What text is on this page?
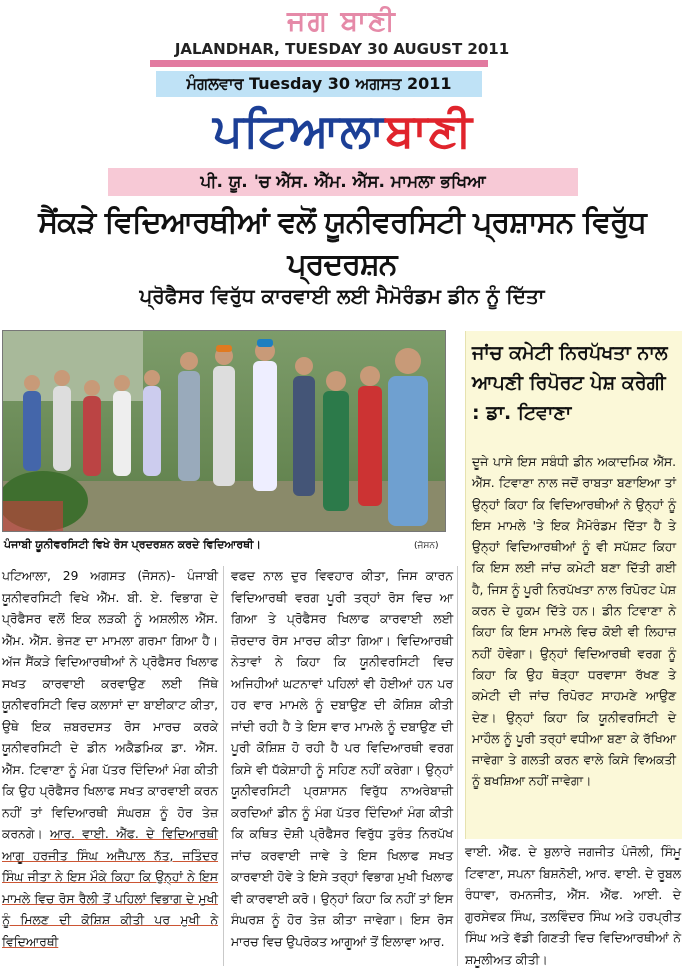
ਜਗ ਬਾਣੀ
JALANDHAR, TUESDAY 30 AUGUST 2011
ਮੰਗਲਵਾਰ Tuesday 30 ਅਗਸਤ 2011
ਪਟਿਆਲਾਬਾਣੀ
ਪੀ. ਯੂ. 'ਚ ਐੱਸ. ਐੱਮ. ਐੱਸ. ਮਾਮਲਾ ਭਖਿਆ
ਸੈਂਕੜੇ ਵਿਦਿਆਰਥੀਆਂ ਵਲੋਂ ਯੂਨੀਵਰਸਿਟੀ ਪ੍ਰਸ਼ਾਸਨ ਵਿਰੁੱਧ ਪ੍ਰਦਰਸ਼ਨ
ਪ੍ਰੋਫੈਸਰ ਵਿਰੁੱਧ ਕਾਰਵਾਈ ਲਈ ਮੈਮੋਰੰਡਮ ਡੀਨ ਨੂੰ ਦਿੱਤਾ
ਪੰਜਾਬੀ ਯੂਨੀਵਰਸਿਟੀ ਵਿਖੇ ਰੋਸ ਪ੍ਰਦਰਸ਼ਨ ਕਰਦੇ ਵਿਦਿਆਰਥੀ।	(ਜੋਸਨ)
ਜਾਂਚ ਕਮੇਟੀ ਨਿਰਪੱਖਤਾ ਨਾਲ ਆਪਣੀ ਰਿਪੋਰਟ ਪੇਸ਼ ਕਰੇਗੀ : ਡਾ. ਟਿਵਾਣਾ
ਪਟਿਆਲਾ, 29 ਅਗਸਤ (ਜੋਸਨ)- ਪੰਜਾਬੀ ਯੂਨੀਵਰਸਿਟੀ ਵਿਖੇ ਐੱਮ. ਬੀ. ਏ. ਵਿਭਾਗ ਦੇ ਪ੍ਰੋਫੈਸਰ ਵਲੋਂ ਇਕ ਲੜਕੀ ਨੂੰ ਅਸ਼ਲੀਲ ਐੱਸ. ਐੱਮ. ਐੱਸ. ਭੇਜਣ ਦਾ ਮਾਮਲਾ ਗਰਮਾ ਗਿਆ ਹੈ। ਅੱਜ ਸੈਂਕੜੇ ਵਿਦਿਆਰਥੀਆਂ ਨੇ ਪ੍ਰੋਫੈਸਰ ਖਿਲਾਫ ਸਖਤ ਕਾਰਵਾਈ ਕਰਵਾਉਣ ਲਈ ਜਿੱਥੇ ਯੂਨੀਵਰਸਿਟੀ ਵਿਚ ਕਲਾਸਾਂ ਦਾ ਬਾਈਕਾਟ ਕੀਤਾ, ਉਥੇ ਇਕ ਜ਼ਬਰਦਸਤ ਰੋਸ ਮਾਰਚ ਕਰਕੇ ਯੂਨੀਵਰਸਿਟੀ ਦੇ ਡੀਨ ਅਕੈਡਮਿਕ ਡਾ. ਐੱਸ. ਐੱਸ. ਟਿਵਾਣਾ ਨੂੰ ਮੰਗ ਪੱਤਰ ਦਿੰਦਿਆਂ ਮੰਗ ਕੀਤੀ ਕਿ ਉਹ ਪ੍ਰੋਫੈਸਰ ਖਿਲਾਫ ਸਖਤ ਕਾਰਵਾਈ ਕਰਨ ਨਹੀਂ ਤਾਂ ਵਿਦਿਆਰਥੀ ਸੰਘਰਸ਼ ਨੂੰ ਹੋਰ ਤੇਜ਼ ਕਰਨਗੇ। ਆਰ. ਵਾਈ. ਐੱਫ. ਦੇ ਵਿਦਿਆਰਥੀ ਆਗੂ ਹਰਜੀਤ ਸਿੰਘ ਅਜੈਪਾਲ ਨੱਤ, ਜਤਿੰਦਰ ਸਿੰਘ ਜੀਤਾ ਨੇ ਇਸ ਮੌਕੇ ਕਿਹਾ ਕਿ ਉਨ੍ਹਾਂ ਨੇ ਇਸ ਮਾਮਲੇ ਵਿਚ ਰੋਸ ਰੈਲੀ ਤੋਂ ਪਹਿਲਾਂ ਵਿਭਾਗ ਦੇ ਮੁਖੀ ਨੂੰ ਮਿਲਣ ਦੀ ਕੋਸ਼ਿਸ਼ ਕੀਤੀ ਪਰ ਮੁਖੀ ਨੇ ਵਿਦਿਆਰਥੀ
ਵਫਦ ਨਾਲ ਦੁਰ ਵਿਵਹਾਰ ਕੀਤਾ, ਜਿਸ ਕਾਰਨ ਵਿਦਿਆਰਥੀ ਵਰਗ ਪੂਰੀ ਤਰ੍ਹਾਂ ਰੋਸ ਵਿਚ ਆ ਗਿਆ ਤੇ ਪ੍ਰੋਫੈਸਰ ਖਿਲਾਫ ਕਾਰਵਾਈ ਲਈ ਜ਼ੋਰਦਾਰ ਰੋਸ ਮਾਰਚ ਕੀਤਾ ਗਿਆ। ਵਿਦਿਆਰਥੀ ਨੇਤਾਵਾਂ ਨੇ ਕਿਹਾ ਕਿ ਯੂਨੀਵਰਸਿਟੀ ਵਿਚ ਅਜਿਹੀਆਂ ਘਟਨਾਵਾਂ ਪਹਿਲਾਂ ਵੀ ਹੋਈਆਂ ਹਨ ਪਰ ਹਰ ਵਾਰ ਮਾਮਲੇ ਨੂੰ ਦਬਾਉਣ ਦੀ ਕੋਸ਼ਿਸ਼ ਕੀਤੀ ਜਾਂਦੀ ਰਹੀ ਹੈ ਤੇ ਇਸ ਵਾਰ ਮਾਮਲੇ ਨੂੰ ਦਬਾਉਣ ਦੀ ਪੂਰੀ ਕੋਸ਼ਿਸ਼ ਹੋ ਰਹੀ ਹੈ ਪਰ ਵਿਦਿਆਰਥੀ ਵਰਗ ਕਿਸੇ ਵੀ ਧੱਕੇਸ਼ਾਹੀ ਨੂੰ ਸਹਿਣ ਨਹੀਂ ਕਰੇਗਾ। ਉਨ੍ਹਾਂ ਯੂਨੀਵਰਸਿਟੀ ਪ੍ਰਸ਼ਾਸਨ ਵਿਰੁੱਧ ਨਾਅਰੇਬਾਜ਼ੀ ਕਰਦਿਆਂ ਡੀਨ ਨੂੰ ਮੰਗ ਪੱਤਰ ਦਿੰਦਿਆਂ ਮੰਗ ਕੀਤੀ ਕਿ ਕਥਿਤ ਦੋਸ਼ੀ ਪ੍ਰੋਫੈਸਰ ਵਿਰੁੱਧ ਤੁਰੰਤ ਨਿਰਪੱਖ ਜਾਂਚ ਕਰਵਾਈ ਜਾਵੇ ਤੇ ਇਸ ਖਿਲਾਫ ਸਖਤ ਕਾਰਵਾਈ ਹੋਵੇ ਤੇ ਇਸੇ ਤਰ੍ਹਾਂ ਵਿਭਾਗ ਮੁਖੀ ਖਿਲਾਫ ਵੀ ਕਾਰਵਾਈ ਕਰੋ। ਉਨ੍ਹਾਂ ਕਿਹਾ ਕਿ ਨਹੀਂ ਤਾਂ ਇਸ ਸੰਘਰਸ਼ ਨੂੰ ਹੋਰ ਤੇਜ਼ ਕੀਤਾ ਜਾਵੇਗਾ। ਇਸ ਰੋਸ ਮਾਰਚ ਵਿਚ ਉਪਰੋਕਤ ਆਗੂਆਂ ਤੋਂ ਇਲਾਵਾ ਆਰ.
ਦੂਜੇ ਪਾਸੇ ਇਸ ਸਬੰਧੀ ਡੀਨ ਅਕਾਦਮਿਕ ਐੱਸ. ਐੱਸ. ਟਿਵਾਣਾ ਨਾਲ ਜਦੋਂ ਰਾਬਤਾ ਬਣਾਇਆ ਤਾਂ ਉਨ੍ਹਾਂ ਕਿਹਾ ਕਿ ਵਿਦਿਆਰਥੀਆਂ ਨੇ ਉਨ੍ਹਾਂ ਨੂੰ ਇਸ ਮਾਮਲੇ 'ਤੇ ਇਕ ਮੈਮੋਰੰਡਮ ਦਿੱਤਾ ਹੈ ਤੇ ਉਨ੍ਹਾਂ ਵਿਦਿਆਰਥੀਆਂ ਨੂੰ ਵੀ ਸਪੱਸ਼ਟ ਕਿਹਾ ਕਿ ਇਸ ਲਈ ਜਾਂਚ ਕਮੇਟੀ ਬਣਾ ਦਿੱਤੀ ਗਈ ਹੈ, ਜਿਸ ਨੂੰ ਪੂਰੀ ਨਿਰਪੱਖਤਾ ਨਾਲ ਰਿਪੋਰਟ ਪੇਸ਼ ਕਰਨ ਦੇ ਹੁਕਮ ਦਿੱਤੇ ਹਨ। ਡੀਨ ਟਿਵਾਣਾ ਨੇ ਕਿਹਾ ਕਿ ਇਸ ਮਾਮਲੇ ਵਿਚ ਕੋਈ ਵੀ ਲਿਹਾਜ਼ ਨਹੀਂ ਹੋਵੇਗਾ। ਉਨ੍ਹਾਂ ਵਿਦਿਆਰਥੀ ਵਰਗ ਨੂੰ ਕਿਹਾ ਕਿ ਉਹ ਥੋੜ੍ਹਾ ਧਰਵਾਸਾ ਰੱਖਣ ਤੇ ਕਮੇਟੀ ਦੀ ਜਾਂਚ ਰਿਪੋਰਟ ਸਾਹਮਣੇ ਆਉਣ ਦੇਣ। ਉਨ੍ਹਾਂ ਕਿਹਾ ਕਿ ਯੂਨੀਵਰਸਿਟੀ ਦੇ ਮਾਹੌਲ ਨੂੰ ਪੂਰੀ ਤਰ੍ਹਾਂ ਵਧੀਆ ਬਣਾ ਕੇ ਰੱਖਿਆ ਜਾਵੇਗਾ ਤੇ ਗਲਤੀ ਕਰਨ ਵਾਲੇ ਕਿਸੇ ਵਿਅਕਤੀ ਨੂੰ ਬਖਸ਼ਿਆ ਨਹੀਂ ਜਾਵੇਗਾ।
ਵਾਈ. ਐੱਫ. ਦੇ ਬੁਲਾਰੇ ਜਗਜੀਤ ਪੰਜੋਲੀ, ਸਿੰਮੂ ਟਿਵਾਣਾ, ਸਪਨਾ ਬਿਸ਼ਨੋਈ, ਆਰ. ਵਾਈ. ਦੇ ਰੂਬਲ ਰੰਧਾਵਾ, ਰਮਨਜੀਤ, ਐੱਸ. ਐੱਫ. ਆਈ. ਦੇ ਗੁਰਸੇਵਕ ਸਿੰਘ, ਤਲਵਿੰਦਰ ਸਿੰਘ ਅਤੇ ਹਰਪ੍ਰੀਤ ਸਿੰਘ ਅਤੇ ਵੱਡੀ ਗਿਣਤੀ ਵਿਚ ਵਿਦਿਆਰਥੀਆਂ ਨੇ ਸ਼ਮੂਲੀਅਤ ਕੀਤੀ।
